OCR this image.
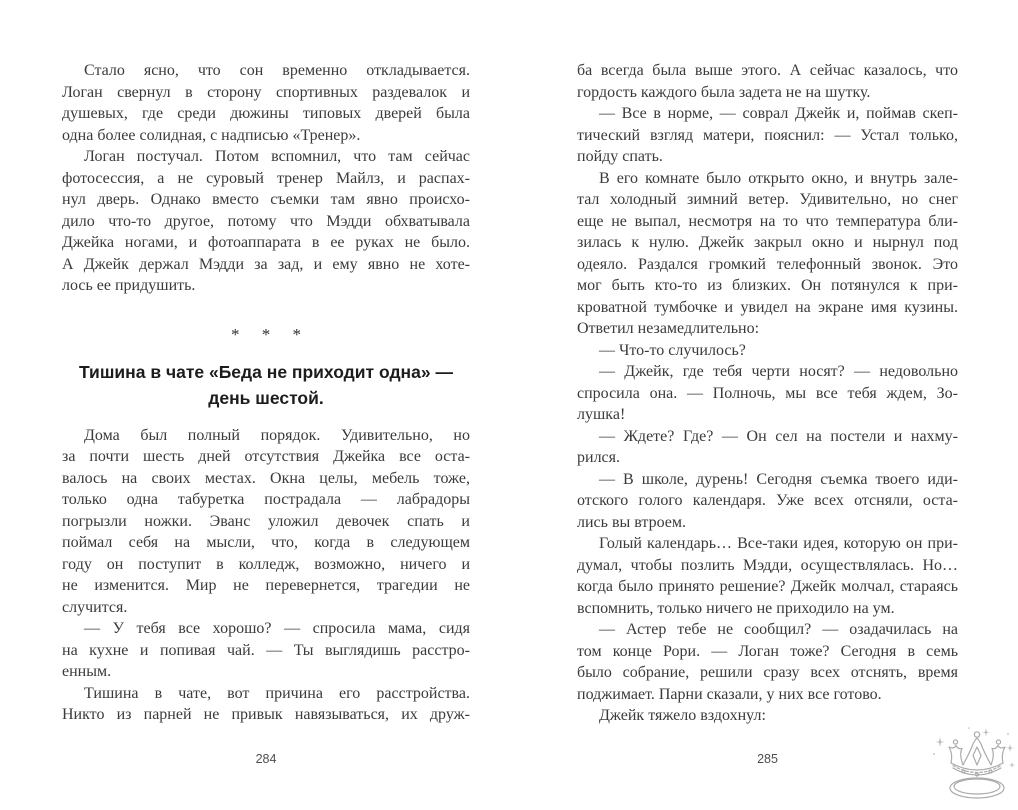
Стало ясно, что сон временно откладывается.
Логан свернул в сторону спортивных раздевалок и
душевых, где среди дюжины типовых дверей была
одна более солидная, с надписью «Тренер».

Логан постучал. Потом вспомнил, что там сейчас
фотосессия, а не суровый тренер Майлз, и распах-
нул дверь. Однако вместо съемки там явно происхо-
дило что-то другое, потому что Мэдди обхватывала
Джейка ногами, и фотоаппарата в ее руках не было.
А Джейк держал Мэдди за зад, и ему явно не хоте-
лось ее придушить.

* * *
Тишина в чате «Беда не приходит одна» —
день шестой.

Дома был полный порядок. Удивительно, но
за почти шесть дней отсутствия Джейка все оста-
валось на своих местах. Окна целы, мебель тоже,
только одна табуретка пострадала — лабрадоры
погрызли ножки. Эванс уложил девочек спать и
поймал себя на мысли, что, когда в следующем
году он поступит в колледж, возможно, ничего и
не изменится. Мир не перевернется, трагедии не
случится.

— У тебя все хорошо? — спросила мама, сидя
на кухне и попивая чай. — Ты выглядишь расстро-
енным.

Тишина в чате, вот причина его расстройства.
Никто из парней не привык навязываться, их друж-

284

ба всегда была выше этого. А сейчас казалось, что
гордость каждого была задета не на шутку.

— Все в норме, — соврал Джейк и, поймав скеп-
тический взгляд матери, пояснил: — Устал только,
пойду спать.

В его комнате было открыто окно, и внутрь зале-
тал холодный зимний ветер. Удивительно, но снег
еще не выпал, несмотря на то что температура бли-
зилась к нулю. Джейк закрыл окно и нырнул под
одеяло. Раздался громкий телефонный звонок. Это
мог быть кто-то из близких. Он потянулся к при-
кроватной тумбочке и увидел на экране имя кузины.
Ответил незамедлительно:

— Что-то случилось?

— Джейк, где тебя черти носят? — недовольно
спросила она. — Полночь, мы все тебя ждем, Зо-
лушка!

— Ждете? Где? — Он сел на постели и нахму-
рился.

— В школе, дурень! Сегодня съемка твоего иди-
отского голого календаря. Уже всех отсняли, оста-
лись вы втроем.

Голый календарь… Все-таки идея, которую он при-
думал, чтобы позлить Мэдди, осуществлялась. Но…
когда было принято решение? Джейк молчал, стараясь
вспомнить, только ничего не приходило на ум.

— Астер тебе не сообщил? — озадачилась на
том конце Рори. — Логан тоже? Сегодня в семь
было собрание, решили сразу всех отснять, время
поджимает. Парни сказали, у них все готово.

Джейк тяжело вздохнул:

285
